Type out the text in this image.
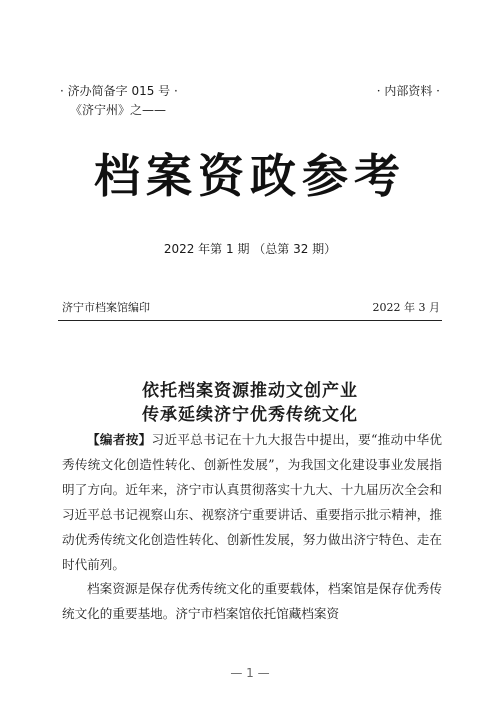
· 济办简备字 015 号 ·	· 内部资料 ·
《济宁州》之——
档案资政参考
2022 年第 1 期 （总第 32 期）
济宁市档案馆编印	2022 年 3 月
依托档案资源推动文创产业
传承延续济宁优秀传统文化

【编者按】习近平总书记在十九大报告中提出，要“推动中华优秀传统文化创造性转化、创新性发展”，为我国文化建设事业发展指明了方向。近年来，济宁市认真贯彻落实十九大、十九届历次全会和习近平总书记视察山东、视察济宁重要讲话、重要指示批示精神，推动优秀传统文化创造性转化、创新性发展，努力做出济宁特色、走在时代前列。

档案资源是保存优秀传统文化的重要载体，档案馆是保存优秀传统文化的重要基地。济宁市档案馆依托馆藏档案资

— 1 —
